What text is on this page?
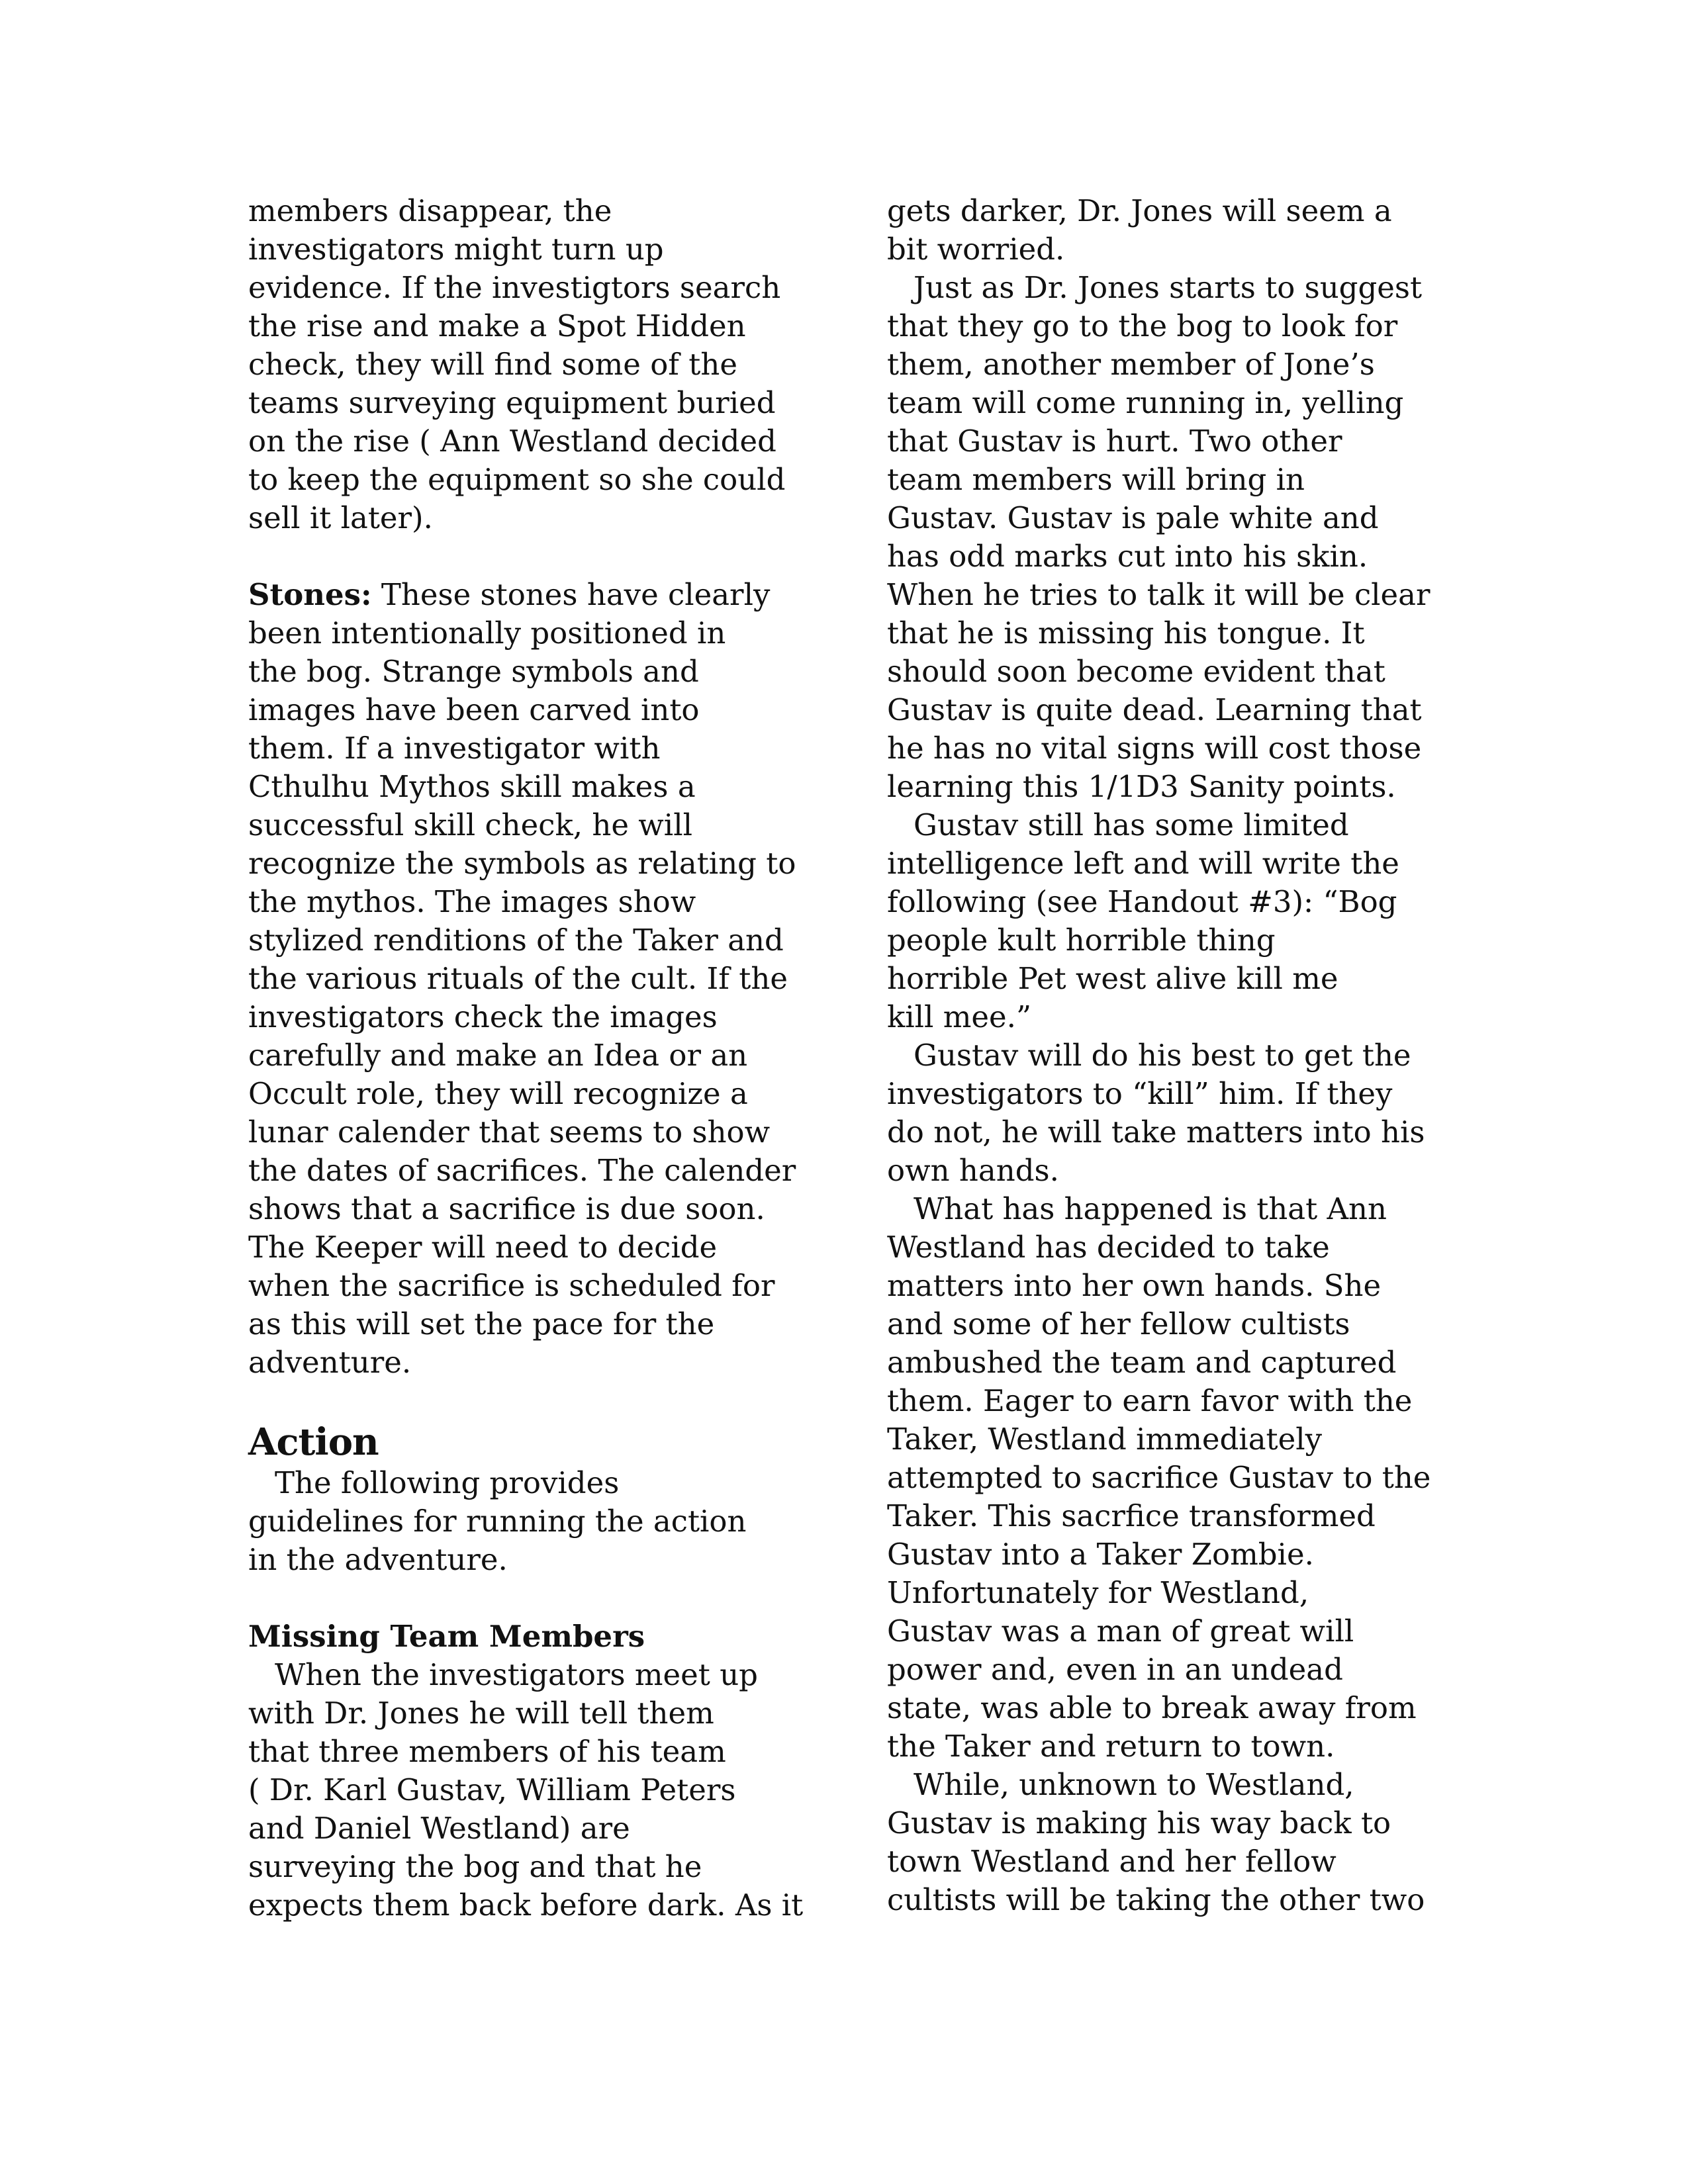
members disappear, the
investigators might turn up
evidence. If the investigtors search
the rise and make a Spot Hidden
check, they will find some of the
teams surveying equipment buried
on the rise ( Ann Westland decided
to keep the equipment so she could
sell it later).

Stones: These stones have clearly
been intentionally positioned in
the bog. Strange symbols and
images have been carved into
them. If a investigator with
Cthulhu Mythos skill makes a
successful skill check, he will
recognize the symbols as relating to
the mythos. The images show
stylized renditions of the Taker and
the various rituals of the cult. If the
investigators check the images
carefully and make an Idea or an
Occult role, they will recognize a
lunar calender that seems to show
the dates of sacrifices. The calender
shows that a sacrifice is due soon.
The Keeper will need to decide
when the sacrifice is scheduled for
as this will set the pace for the
adventure.

Action

The following provides
guidelines for running the action
in the adventure.

Missing Team Members

When the investigators meet up
with Dr. Jones he will tell them
that three members of his team
( Dr. Karl Gustav, William Peters
and Daniel Westland) are
surveying the bog and that he
expects them back before dark. As it

gets darker, Dr. Jones will seem a
bit worried.

Just as Dr. Jones starts to suggest
that they go to the bog to look for
them, another member of Jone’s
team will come running in, yelling
that Gustav is hurt. Two other
team members will bring in
Gustav. Gustav is pale white and
has odd marks cut into his skin.
When he tries to talk it will be clear
that he is missing his tongue. It
should soon become evident that
Gustav is quite dead. Learning that
he has no vital signs will cost those
learning this 1/1D3 Sanity points.

Gustav still has some limited
intelligence left and will write the
following (see Handout #3): “Bog
people kult horrible thing
horrible Pet west alive kill me
kill mee.”

Gustav will do his best to get the
investigators to “kill” him. If they
do not, he will take matters into his
own hands.

What has happened is that Ann
Westland has decided to take
matters into her own hands. She
and some of her fellow cultists
ambushed the team and captured
them. Eager to earn favor with the
Taker, Westland immediately
attempted to sacrifice Gustav to the
Taker. This sacrfice transformed
Gustav into a Taker Zombie.
Unfortunately for Westland,
Gustav was a man of great will
power and, even in an undead
state, was able to break away from
the Taker and return to town.

While, unknown to Westland,
Gustav is making his way back to
town Westland and her fellow
cultists will be taking the other two
